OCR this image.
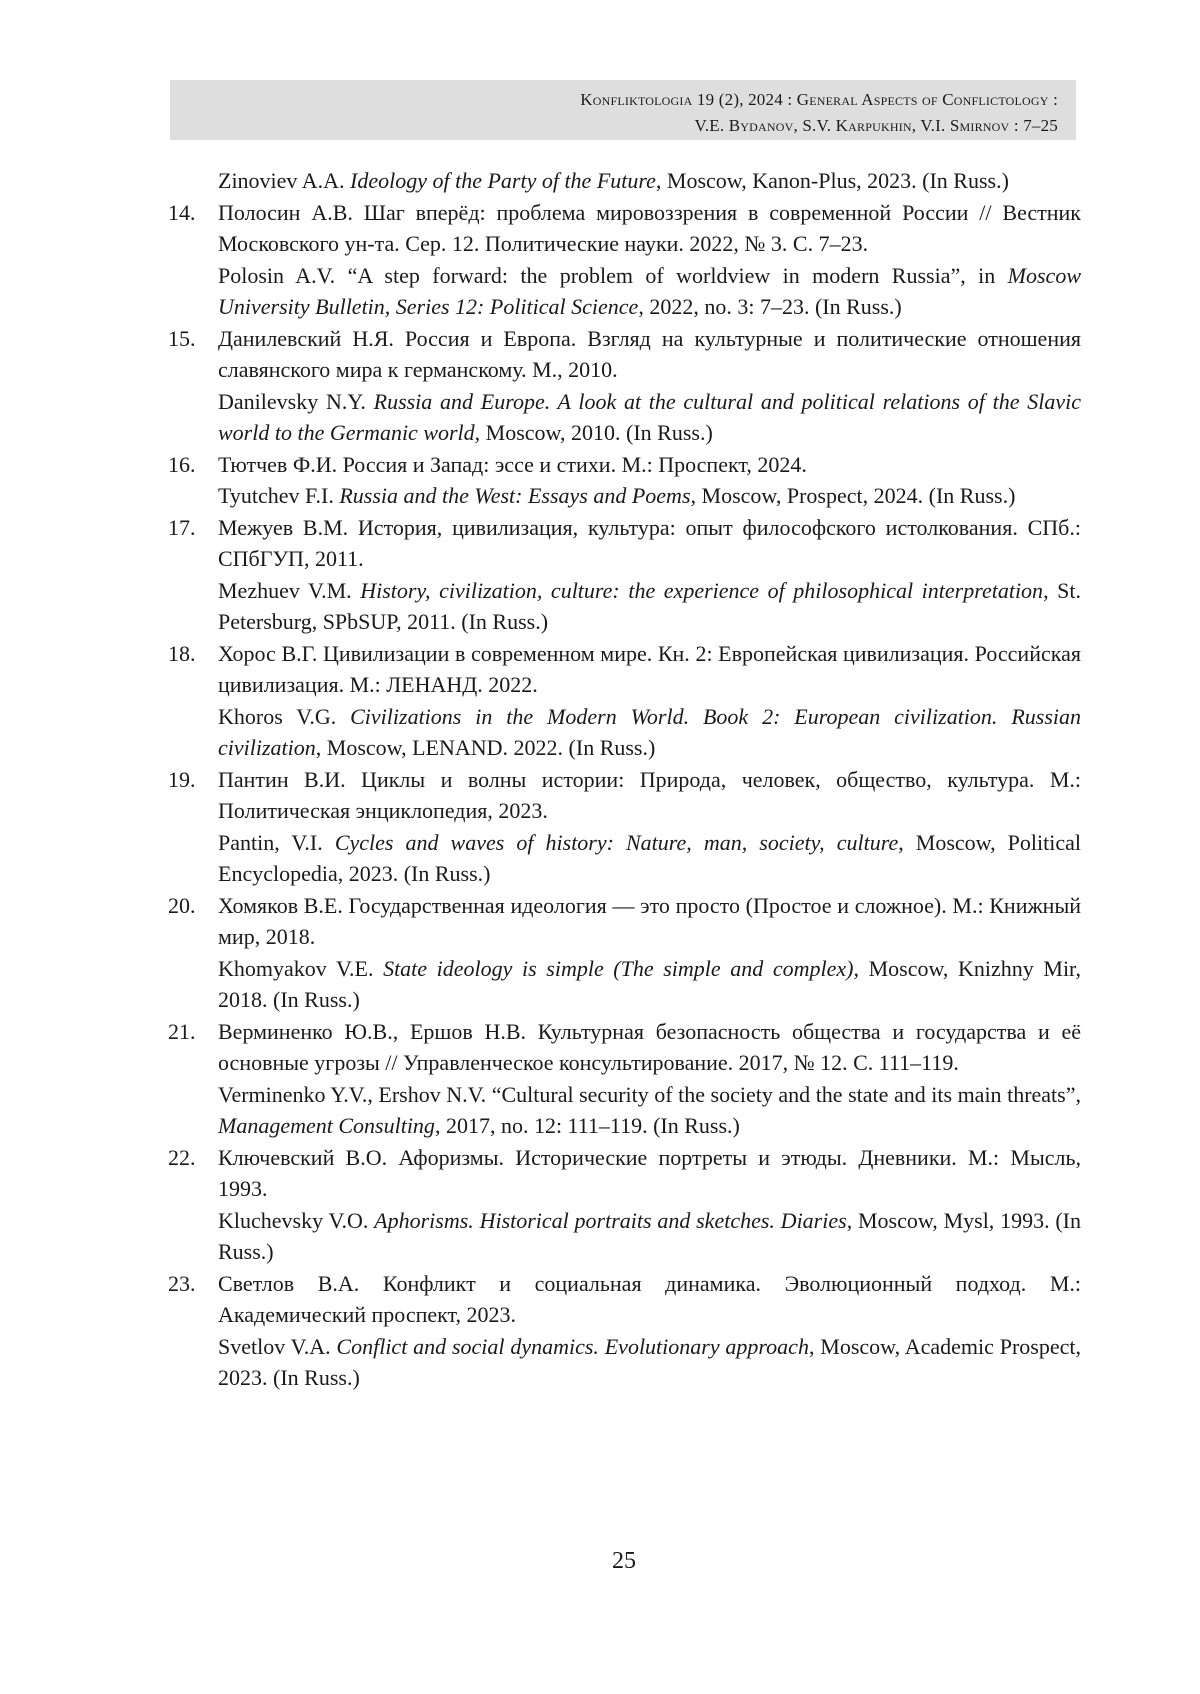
Konfliktologia 19 (2), 2024 : General Aspects of Conflictology :
V.E. Bydanov, S.V. Karpukhin, V.I. Smirnov : 7–25
Zinoviev A.A. Ideology of the Party of the Future, Moscow, Kanon-Plus, 2023. (In Russ.)
14. Полосин А.В. Шаг вперёд: проблема мировоззрения в современной России // Вестник Московского ун-та. Сер. 12. Политические науки. 2022, № 3. С. 7–23.
Polosin A.V. “A step forward: the problem of worldview in modern Russia”, in Moscow University Bulletin, Series 12: Political Science, 2022, no. 3: 7–23. (In Russ.)
15. Данилевский Н.Я. Россия и Европа. Взгляд на культурные и политические отношения славянского мира к германскому. М., 2010.
Danilevsky N.Y. Russia and Europe. A look at the cultural and political relations of the Slavic world to the Germanic world, Moscow, 2010. (In Russ.)
16. Тютчев Ф.И. Россия и Запад: эссе и стихи. М.: Проспект, 2024.
Tyutchev F.I. Russia and the West: Essays and Poems, Moscow, Prospect, 2024. (In Russ.)
17. Межуев В.М. История, цивилизация, культура: опыт философского истолкования. СПб.: СПбГУП, 2011.
Mezhuev V.M. History, civilization, culture: the experience of philosophical interpretation, St. Petersburg, SPbSUP, 2011. (In Russ.)
18. Хорос В.Г. Цивилизации в современном мире. Кн. 2: Европейская цивилизация. Российская цивилизация. М.: ЛЕНАНД. 2022.
Khoros V.G. Civilizations in the Modern World. Book 2: European civilization. Russian civilization, Moscow, LENAND. 2022. (In Russ.)
19. Пантин В.И. Циклы и волны истории: Природа, человек, общество, культура. М.: Политическая энциклопедия, 2023.
Pantin, V.I. Cycles and waves of history: Nature, man, society, culture, Moscow, Political Encyclopedia, 2023. (In Russ.)
20. Хомяков В.Е. Государственная идеология — это просто (Простое и сложное). М.: Книжный мир, 2018.
Khomyakov V.E. State ideology is simple (The simple and complex), Moscow, Knizhny Mir, 2018. (In Russ.)
21. Верминенко Ю.В., Ершов Н.В. Культурная безопасность общества и государства и её основные угрозы // Управленческое консультирование. 2017, № 12. С. 111–119.
Verminenko Y.V., Ershov N.V. “Cultural security of the society and the state and its main threats”, Management Consulting, 2017, no. 12: 111–119. (In Russ.)
22. Ключевский В.О. Афоризмы. Исторические портреты и этюды. Дневники. М.: Мысль, 1993.
Kluchevsky V.O. Aphorisms. Historical portraits and sketches. Diaries, Moscow, Mysl, 1993. (In Russ.)
23. Светлов В.А. Конфликт и социальная динамика. Эволюционный подход. М.: Академический проспект, 2023.
Svetlov V.A. Conflict and social dynamics. Evolutionary approach, Moscow, Academic Prospect, 2023. (In Russ.)
25
